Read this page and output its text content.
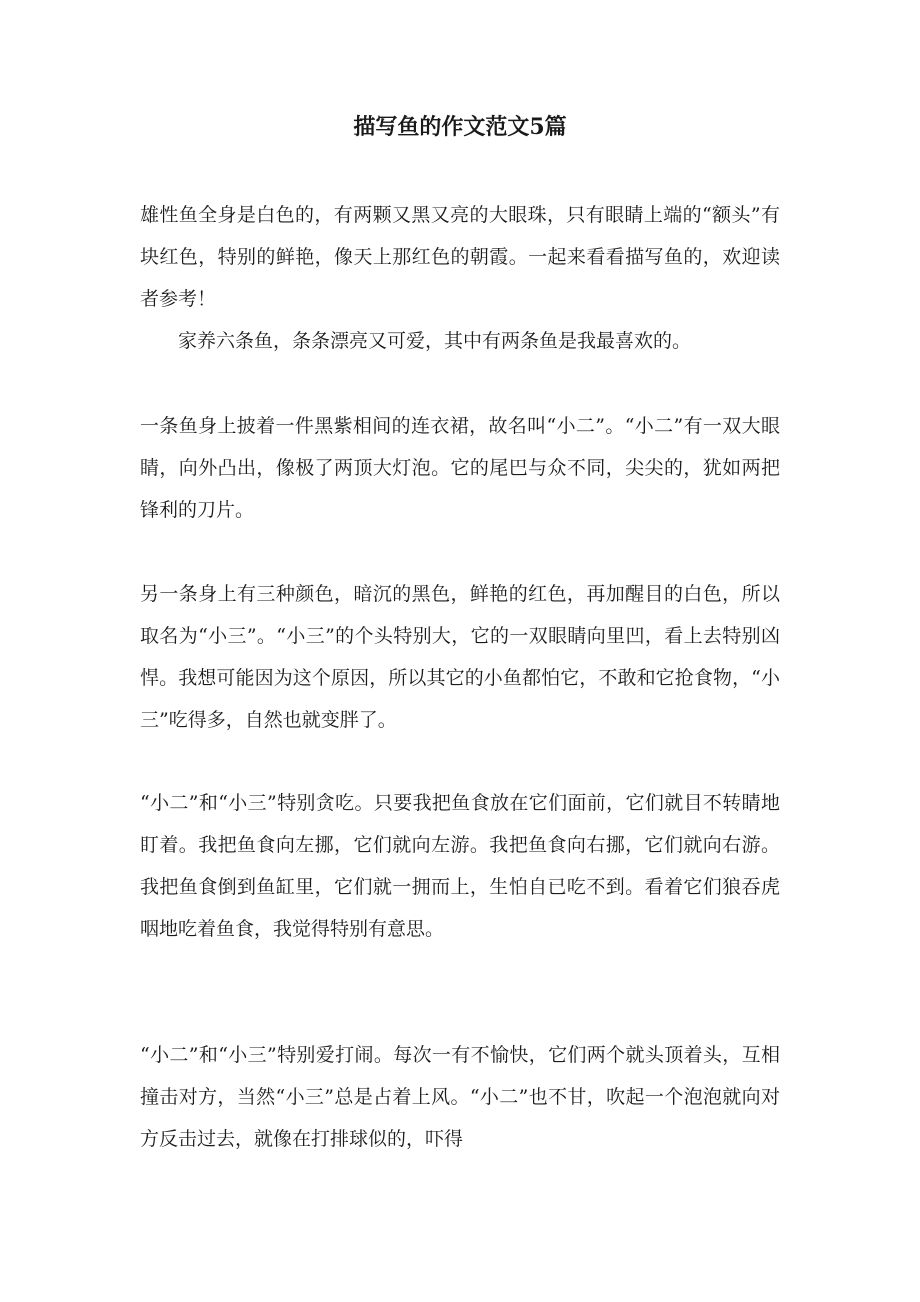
描写鱼的作文范文5篇

雄性鱼全身是白色的，有两颗又黑又亮的大眼珠，只有眼睛上端的“额头”有块红色，特别的鲜艳，像天上那红色的朝霞。一起来看看描写鱼的，欢迎读者参考！

家养六条鱼，条条漂亮又可爱，其中有两条鱼是我最喜欢的。

一条鱼身上披着一件黑紫相间的连衣裙，故名叫“小二”。“小二”有一双大眼睛，向外凸出，像极了两顶大灯泡。它的尾巴与众不同，尖尖的，犹如两把锋利的刀片。

另一条身上有三种颜色，暗沉的黑色，鲜艳的红色，再加醒目的白色，所以取名为“小三”。“小三”的个头特别大，它的一双眼睛向里凹，看上去特别凶悍。我想可能因为这个原因，所以其它的小鱼都怕它，不敢和它抢食物，“小三”吃得多，自然也就变胖了。

“小二”和“小三”特别贪吃。只要我把鱼食放在它们面前，它们就目不转睛地盯着。我把鱼食向左挪，它们就向左游。我把鱼食向右挪，它们就向右游。我把鱼食倒到鱼缸里，它们就一拥而上，生怕自已吃不到。看着它们狼吞虎咽地吃着鱼食，我觉得特别有意思。

“小二”和“小三”特别爱打闹。每次一有不愉快，它们两个就头顶着头，互相撞击对方，当然“小三”总是占着上风。“小二”也不甘，吹起一个泡泡就向对方反击过去，就像在打排球似的，吓得
